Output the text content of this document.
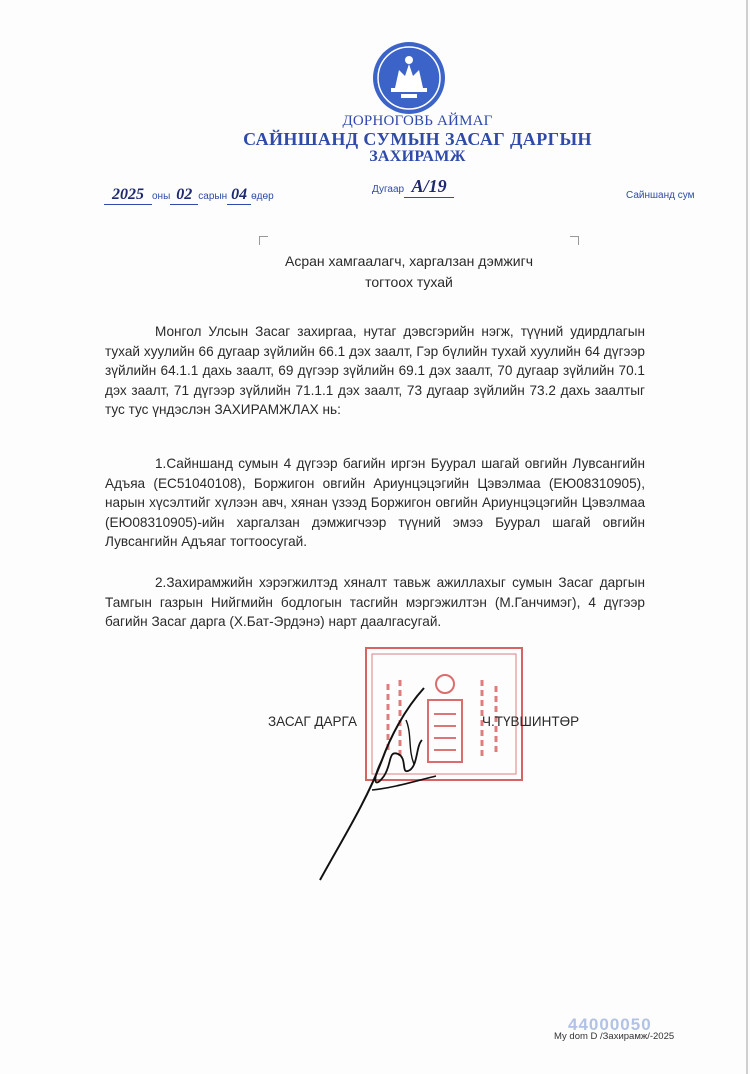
ДОРНОГОВЬ АЙМАГ
САЙНШАНД СУМЫН ЗАСАГ ДАРГЫН
ЗАХИРАМЖ
2025 оны 02 сарын 04 өдөр
Дугаар А/19	Сайншанд сум
Асран хамгаалагч, харгалзан дэмжигч
тогтоох тухай
Монгол Улсын Засаг захиргаа, нутаг дэвсгэрийн нэгж, түүний удирдлагын тухай хуулийн 66 дугаар зүйлийн 66.1 дэх заалт, Гэр бүлийн тухай хуулийн 64 дүгээр зүйлийн 64.1.1 дахь заалт, 69 дүгээр зүйлийн 69.1 дэх заалт, 70 дугаар зүйлийн 70.1 дэх заалт, 71 дүгээр зүйлийн 71.1.1 дэх заалт, 73 дугаар зүйлийн 73.2 дахь заалтыг тус тус үндэслэн ЗАХИРАМЖЛАХ нь:
1.Сайншанд сумын 4 дүгээр багийн иргэн Буурал шагай овгийн Лувсангийн Адъяа (ЕС51040108), Боржигон овгийн Ариунцэцэгийн Цэвэлмаа (ЕЮ08310905), нарын хүсэлтийг хүлээн авч, хянан үзээд Боржигон овгийн Ариунцэцэгийн Цэвэлмаа (ЕЮ08310905)-ийн харгалзан дэмжигчээр түүний эмээ Буурал шагай овгийн Лувсангийн Адъяаг тогтоосугай.
2.Захирамжийн хэрэгжилтэд хяналт тавьж ажиллахыг сумын Засаг даргын Тамгын газрын Нийгмийн бодлогын тасгийн мэргэжилтэн (М.Ганчимэг), 4 дүгээр багийн Засаг дарга (Х.Бат-Эрдэнэ) нарт даалгасугай.
ЗАСАГ ДАРГА	Ч.ТҮВШИНТӨР
44000050
Му dom D /Захирамж/-2025
